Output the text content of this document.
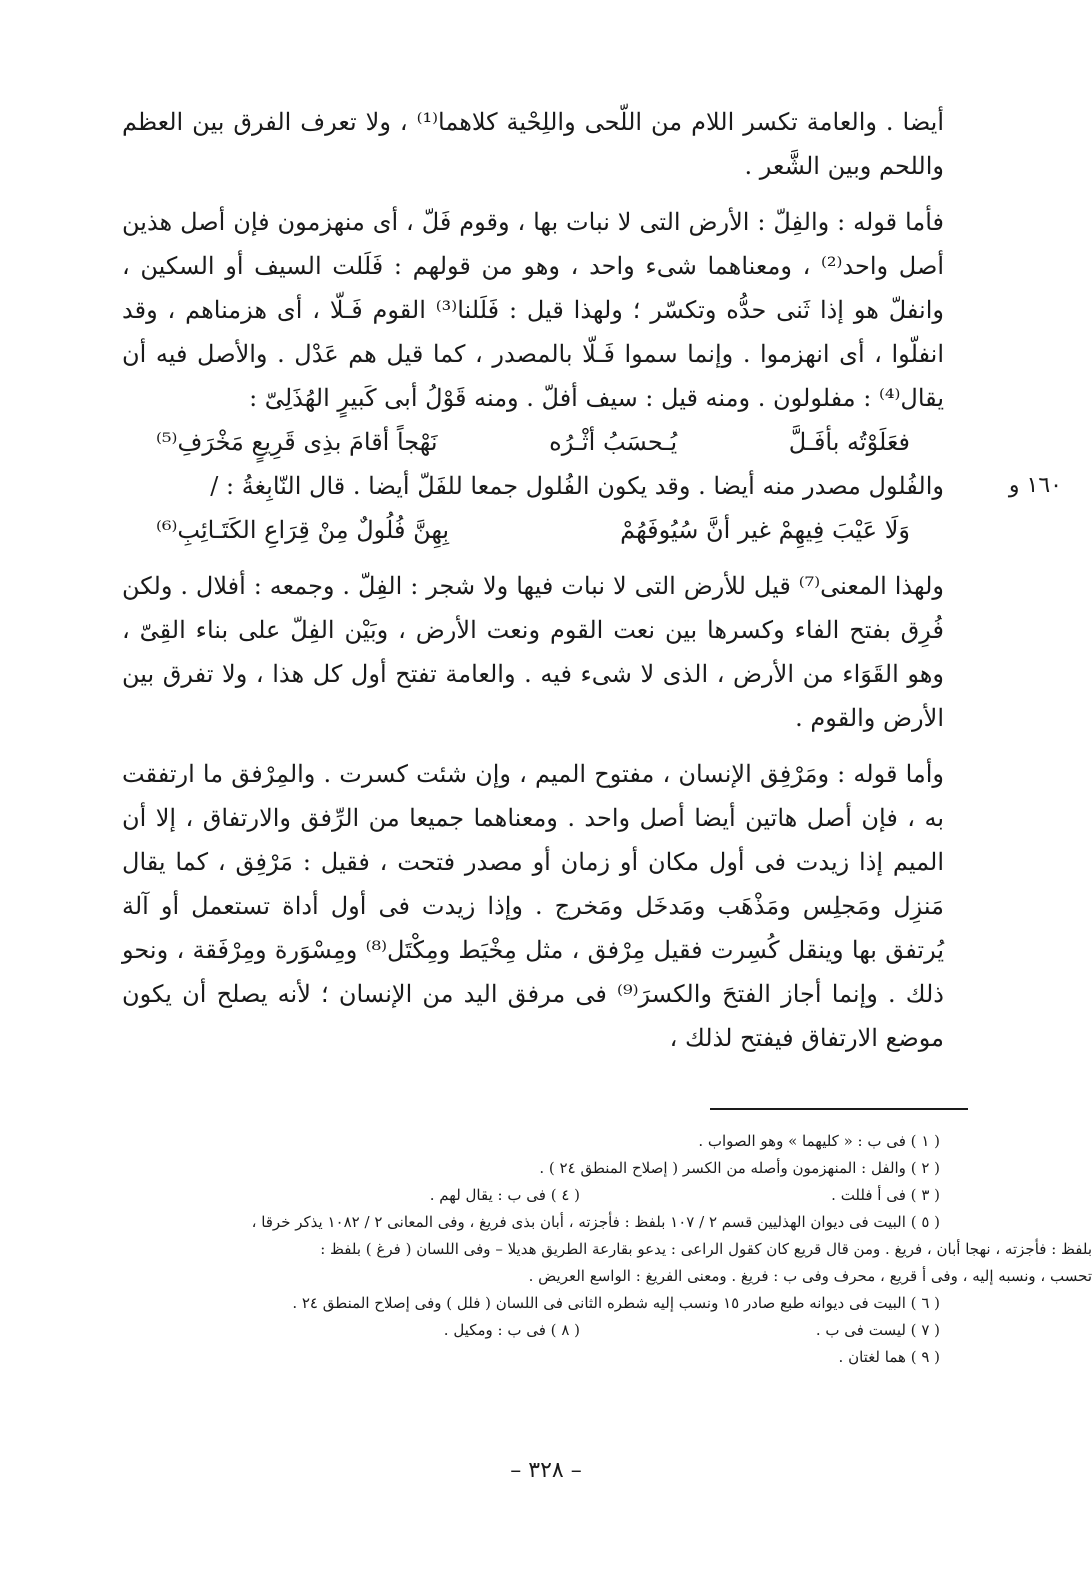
أيضا . والعامة تكسر اللام من اللّحى واللِحْية كلاهما⁽¹⁾ ، ولا تعرف الفرق بين العظم واللحم وبين الشَّعر .

فأما قوله : والفِلّ : الأرض التى لا نبات بها ، وقوم فَلّ ، أى منهزمون فإن أصل هذين أصل واحد⁽²⁾ ، ومعناهما شىء واحد ، وهو من قولهم : فَلَلت السيف أو السكين ، وانفلّ هو إذا ثَنى حدُّه وتكسّر ؛ ولهذا قيل : فَلَلنا⁽³⁾ القوم فَـلّا ، أى هزمناهم ، وقد انفلّوا ، أى انهزموا . وإنما سموا فَـلّا بالمصدر ، كما قيل هم عَدْل . والأصل فيه أن يقال⁽⁴⁾ : مفلولون . ومنه قيل : سيف أفلّ . ومنه قَوْلُ أبى كَبيرٍ الهُذَلِىّ :

فعَلَوْتُه بأفَـلَّ
يُـحسَبُ أثْـرُه
نَهْجاً أقامَ بذِى قَرِيعٍ مَخْرَفِ⁽⁵⁾
١٦٠ و

والفُلول مصدر منه أيضا . وقد يكون الفُلول جمعا للفَلّ أيضا . قال النّابِغةُ : /

وَلَا عَيْبَ فِيهِمْ غير أنَّ سُيُوفَهُمْ
بِهِنَّ فُلُولٌ مِنْ قِرَاعِ الكَتَـائِبِ⁽⁶⁾

ولهذا المعنى⁽⁷⁾ قيل للأرض التى لا نبات فيها ولا شجر : الفِلّ . وجمعه : أفلال . ولكن فُرِق بفتح الفاء وكسرها بين نعت القوم ونعت الأرض ، وبَيْن الفِلّ على بناء القِىّ ، وهو القَوَاء من الأرض ، الذى لا شىء فيه . والعامة تفتح أول كل هذا ، ولا تفرق بين الأرض والقوم .

وأما قوله : ومَرْفِق الإنسان ، مفتوح الميم ، وإن شئت كسرت . والمِرْفق ما ارتفقت به ، فإن أصل هاتين أيضا أصل واحد . ومعناهما جميعا من الرِّفق والارتفاق ، إلا أن الميم إذا زيدت فى أول مكان أو زمان أو مصدر فتحت ، فقيل : مَرْفِق ، كما يقال مَنزِل ومَجلِس ومَذْهَب ومَدخَل ومَخرج . وإذا زيدت فى أول أداة تستعمل أو آلة يُرتفق بها وينقل كُسِرت فقيل مِرْفق ، مثل مِخْيَط ومِكْتَل⁽⁸⁾ ومِسْوَرة ومِرْفَقة ، ونحو ذلك . وإنما أجاز الفتحَ والكسرَ⁽⁹⁾ فى مرفق اليد من الإنسان ؛ لأنه يصلح أن يكون موضع الارتفاق فيفتح لذلك ،

( ١ ) فى ب : « كليهما » وهو الصواب .
( ٢ ) والفل : المنهزمون وأصله من الكسر ( إصلاح المنطق ٢٤ ) .
( ٣ ) فى أ فللت .
( ٤ ) فى ب : يقال لهم .
( ٥ ) البيت فى ديوان الهذليين قسم ٢ / ١٠٧ بلفظ : فأجزته ، أبان بذى فريغ ، وفى المعانى ٢ / ١٠٨٢ يذكر خرقا ،
بلفظ : فأجزته ، نهجا أبان ، فريغ . ومن قال قريع كان كقول الراعى : يدعو بقارعة الطريق هديلا – وفى اللسان ( فرغ ) بلفظ :
تحسب ، ونسبه إليه ، وفى أ قريع ، محرف وفى ب : فريغ . ومعنى الفريغ : الواسع العريض .
( ٦ ) البيت فى ديوانه طبع صادر ١٥ ونسب إليه شطره الثانى فى اللسان ( فلل ) وفى إصلاح المنطق ٢٤ .
( ٧ ) ليست فى ب .
( ٨ ) فى ب : ومكيل .
( ٩ ) هما لغتان .
– ٣٢٨ –
